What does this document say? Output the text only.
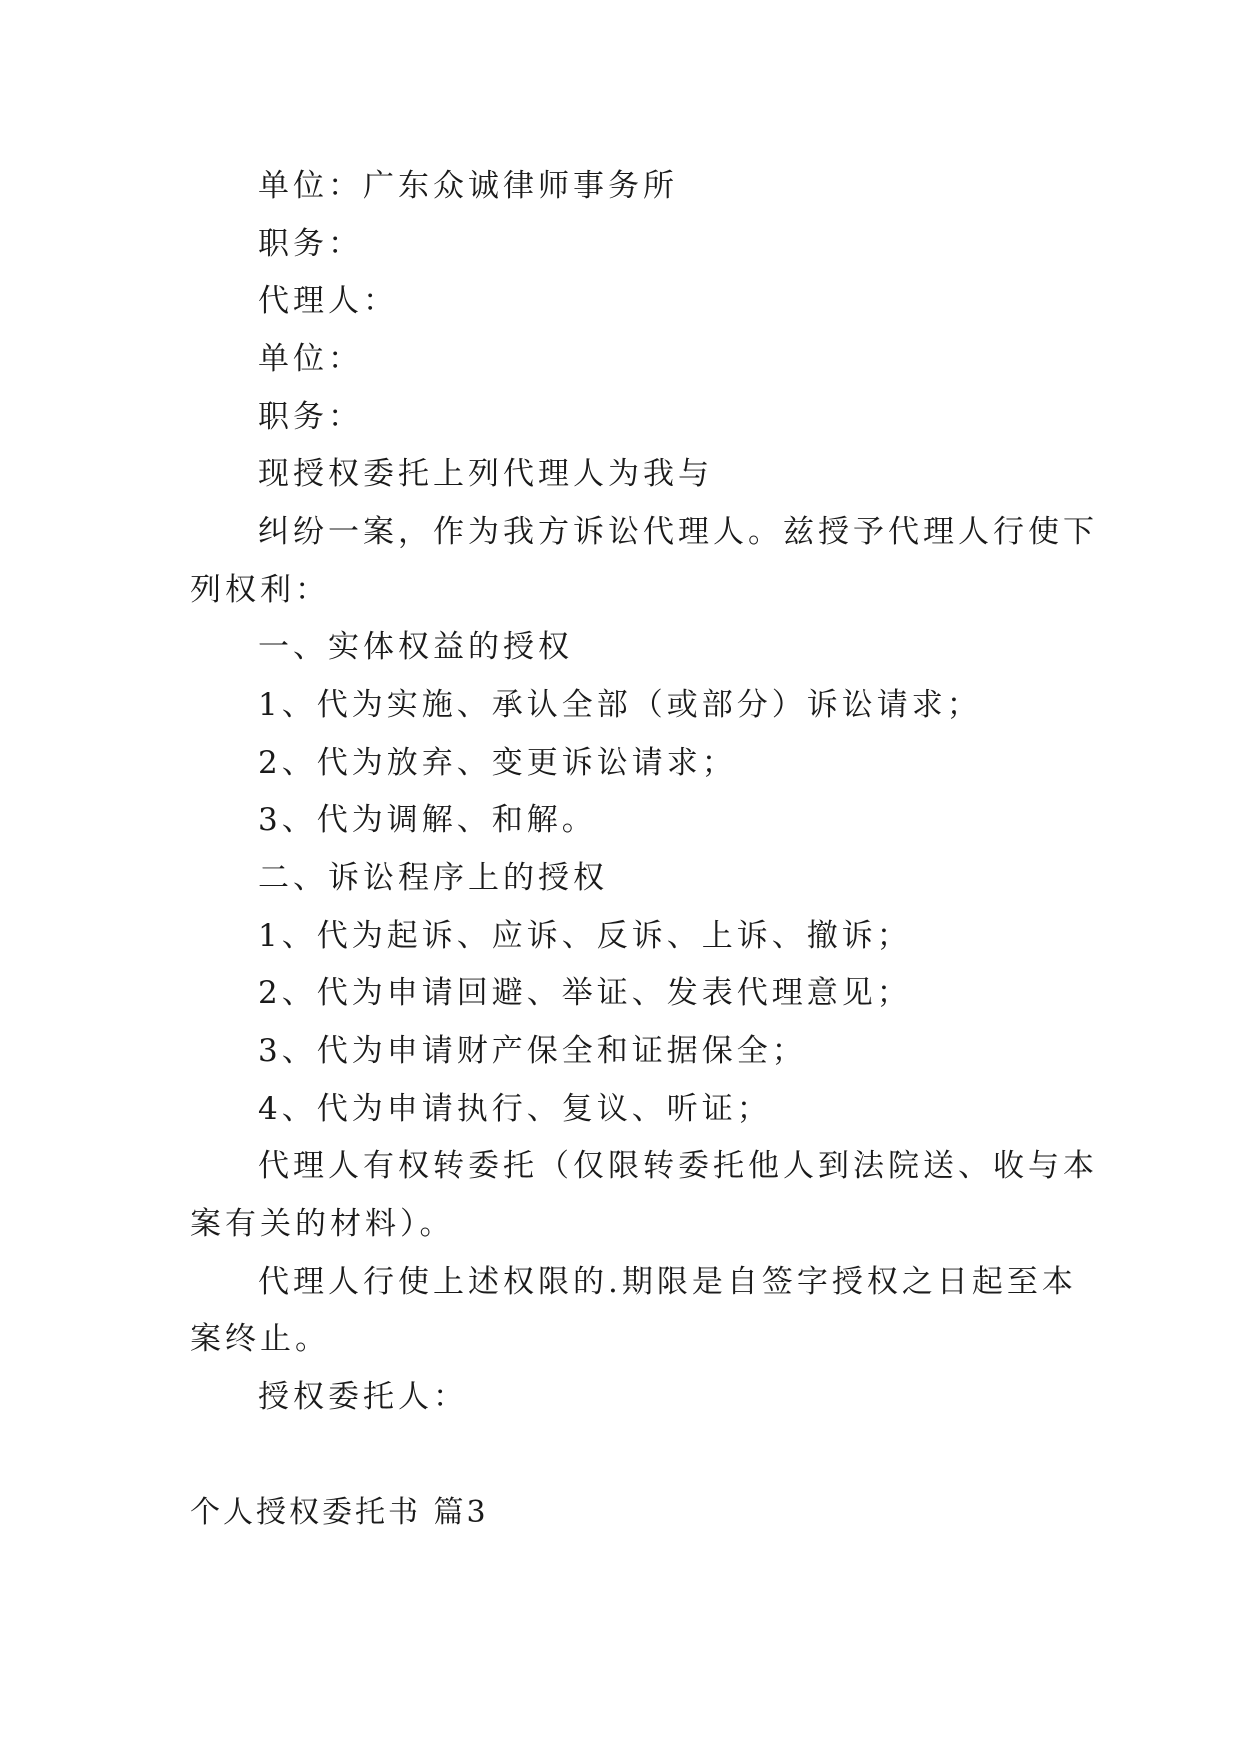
单位：广东众诚律师事务所

职务：

代理人：

单位：

职务：

现授权委托上列代理人为我与

纠纷一案，作为我方诉讼代理人。兹授予代理人行使下

列权利：

一、实体权益的授权

1、代为实施、承认全部（或部分）诉讼请求；

2、代为放弃、变更诉讼请求；

3、代为调解、和解。

二、诉讼程序上的授权

1、代为起诉、应诉、反诉、上诉、撤诉；

2、代为申请回避、举证、发表代理意见；

3、代为申请财产保全和证据保全；

4、代为申请执行、复议、听证；

代理人有权转委托（仅限转委托他人到法院送、收与本

案有关的材料）。

代理人行使上述权限的.期限是自签字授权之日起至本

案终止。

授权委托人：

个人授权委托书 篇3
